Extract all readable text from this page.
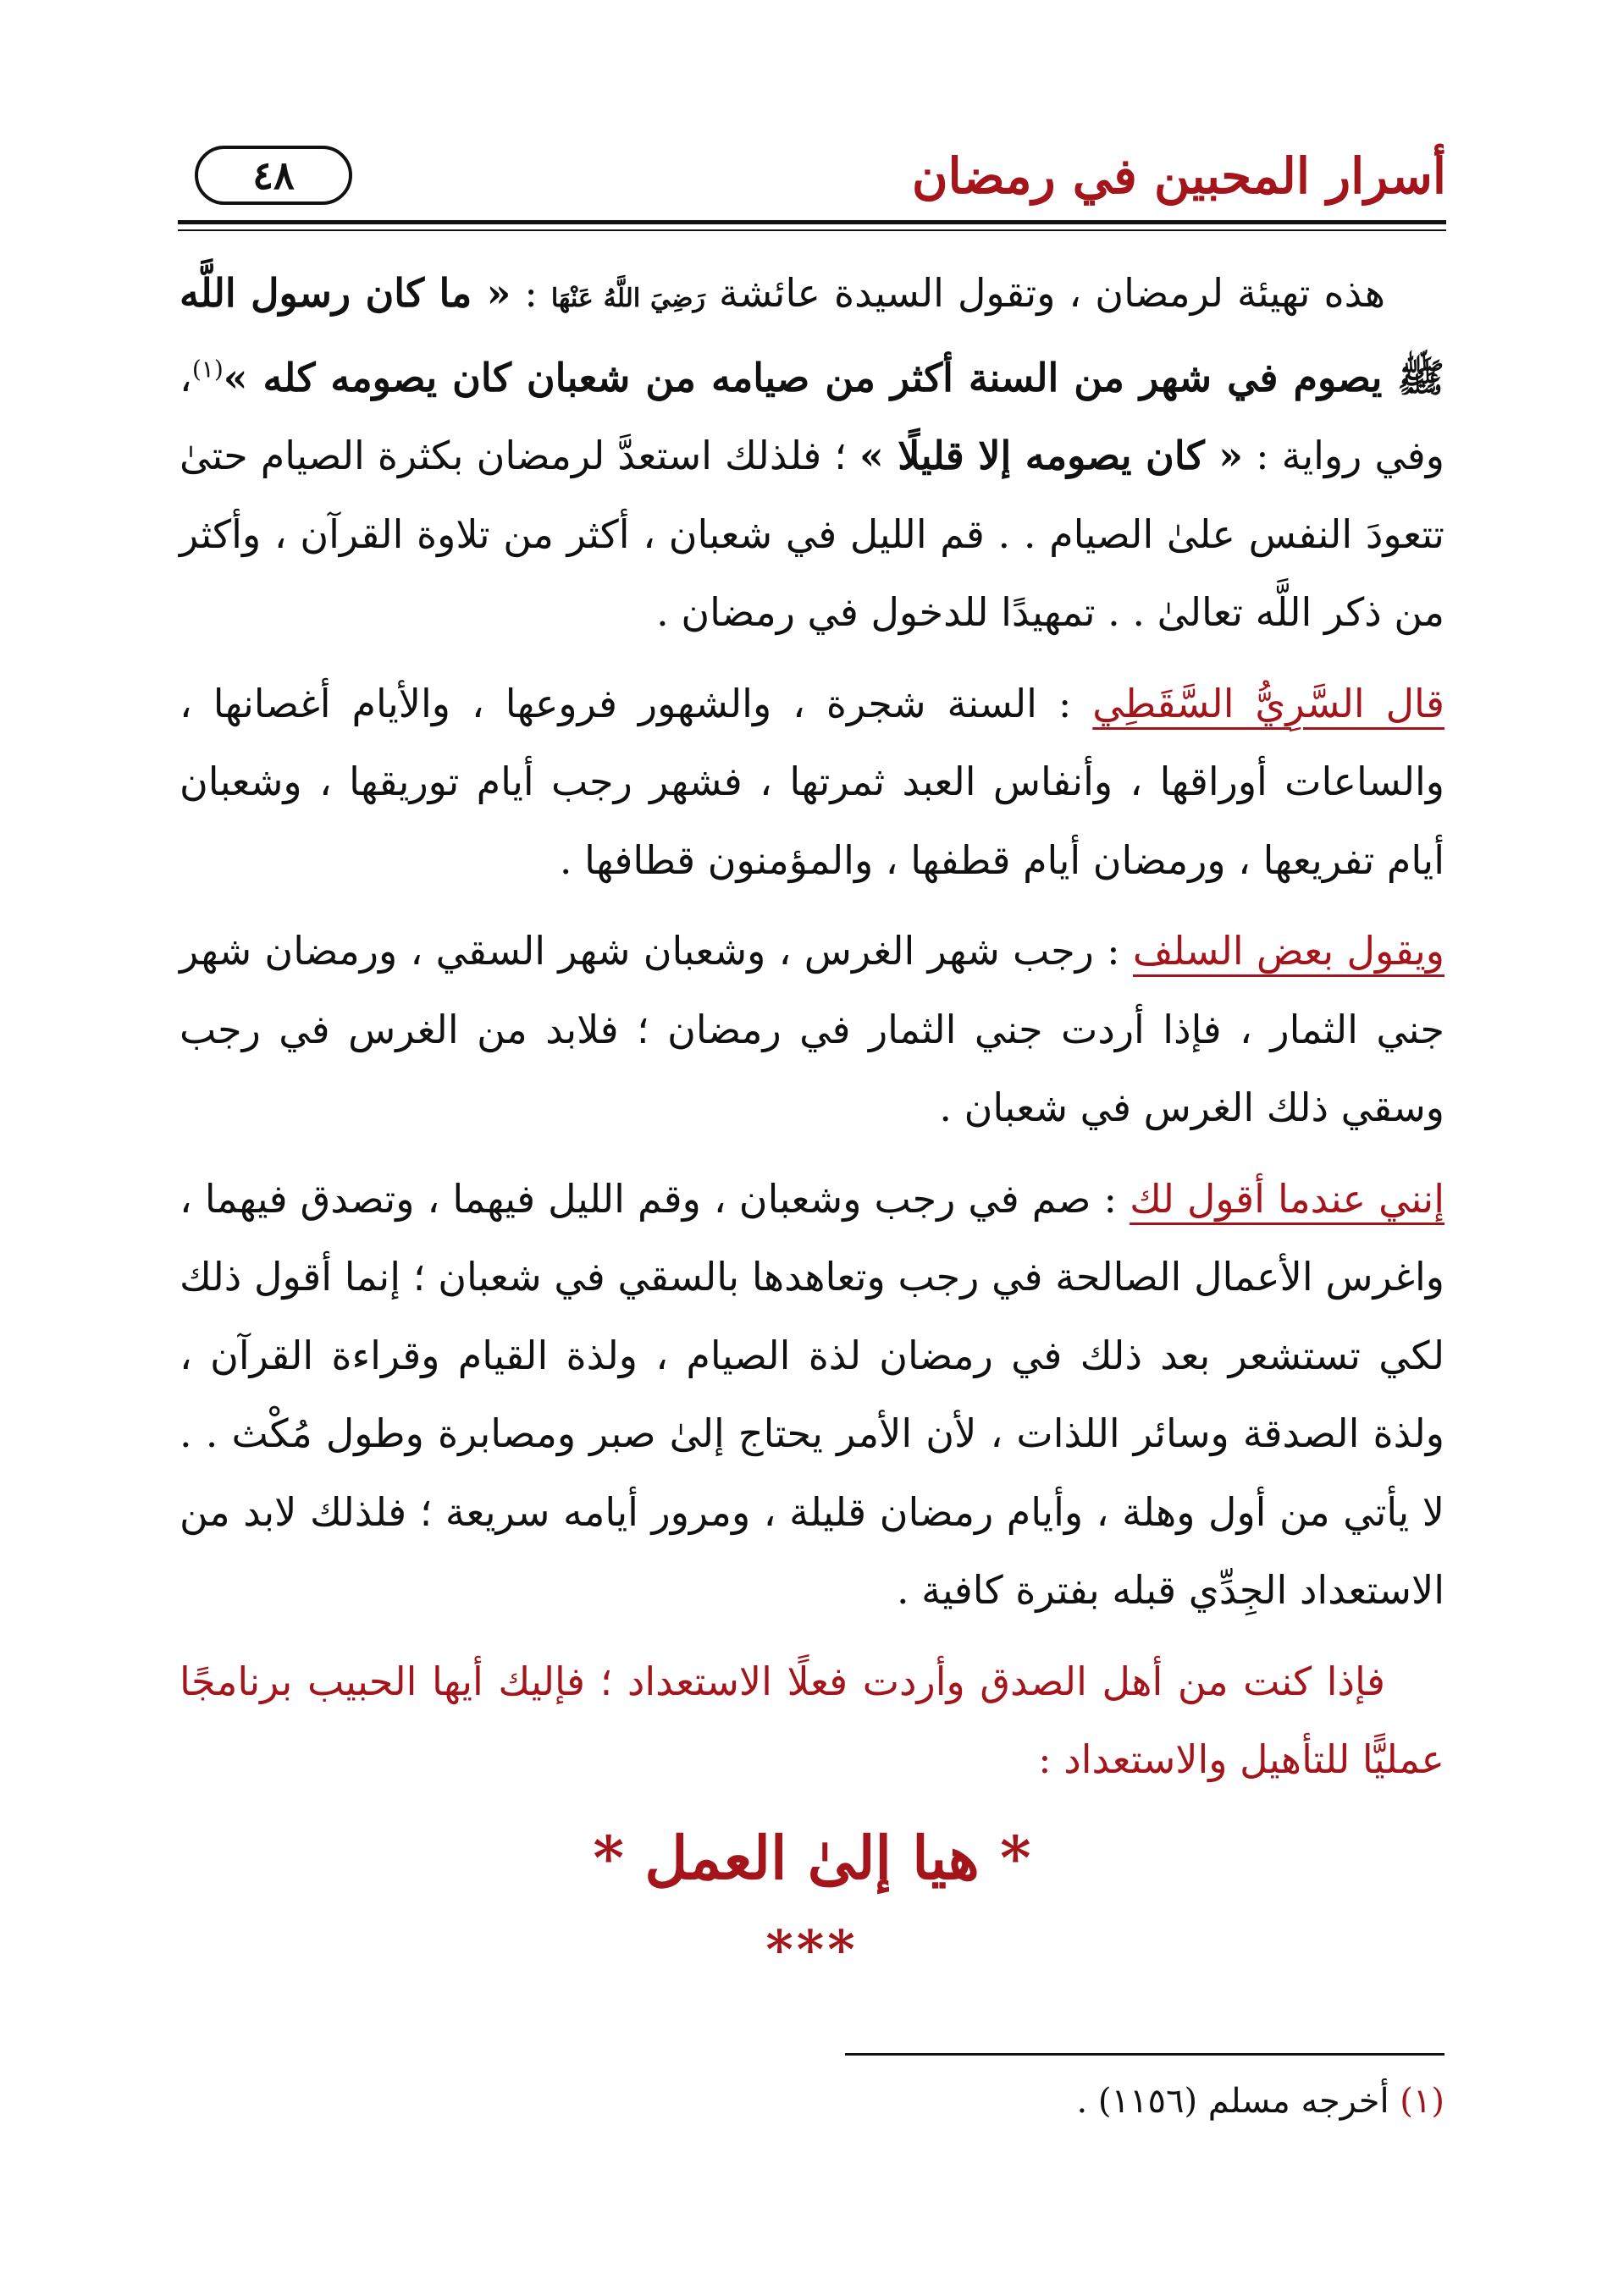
أسرار المحبين في رمضان
٤٨

هذه تهيئة لرمضان ، وتقول السيدة عائشة رَضِيَ اللَّهُ عَنْهَا : « ما كان رسول اللَّه ﷺ يصوم في شهر من السنة أكثر من صيامه من شعبان كان يصومه كله »$^{(١)}$، وفي رواية : « كان يصومه إلا قليلًا » ؛ فلذلك استعدَّ لرمضان بكثرة الصيام حتىٰ تتعودَ النفس علىٰ الصيام . . قم الليل في شعبان ، أكثر من تلاوة القرآن ، وأكثر من ذكر اللَّه تعالىٰ . . تمهيدًا للدخول في رمضان .

قال السَّرِيُّ السَّقَطِي : السنة شجرة ، والشهور فروعها ، والأيام أغصانها ، والساعات أوراقها ، وأنفاس العبد ثمرتها ، فشهر رجب أيام توريقها ، وشعبان أيام تفريعها ، ورمضان أيام قطفها ، والمؤمنون قطافها .

ويقول بعض السلف : رجب شهر الغرس ، وشعبان شهر السقي ، ورمضان شهر جني الثمار ، فإذا أردت جني الثمار في رمضان ؛ فلابد من الغرس في رجب وسقي ذلك الغرس في شعبان .

إنني عندما أقول لك : صم في رجب وشعبان ، وقم الليل فيهما ، وتصدق فيهما ، واغرس الأعمال الصالحة في رجب وتعاهدها بالسقي في شعبان ؛ إنما أقول ذلك لكي تستشعر بعد ذلك في رمضان لذة الصيام ، ولذة القيام وقراءة القرآن ، ولذة الصدقة وسائر اللذات ، لأن الأمر يحتاج إلىٰ صبر ومصابرة وطول مُكْث . . لا يأتي من أول وهلة ، وأيام رمضان قليلة ، ومرور أيامه سريعة ؛ فلذلك لابد من الاستعداد الجِدِّي قبله بفترة كافية .

فإذا كنت من أهل الصدق وأردت فعلًا الاستعداد ؛ فإليك أيها الحبيب برنامجًا عمليًّا للتأهيل والاستعداد :

* هيا إلىٰ العمل *
***
(١) أخرجه مسلم (١١٥٦) .
